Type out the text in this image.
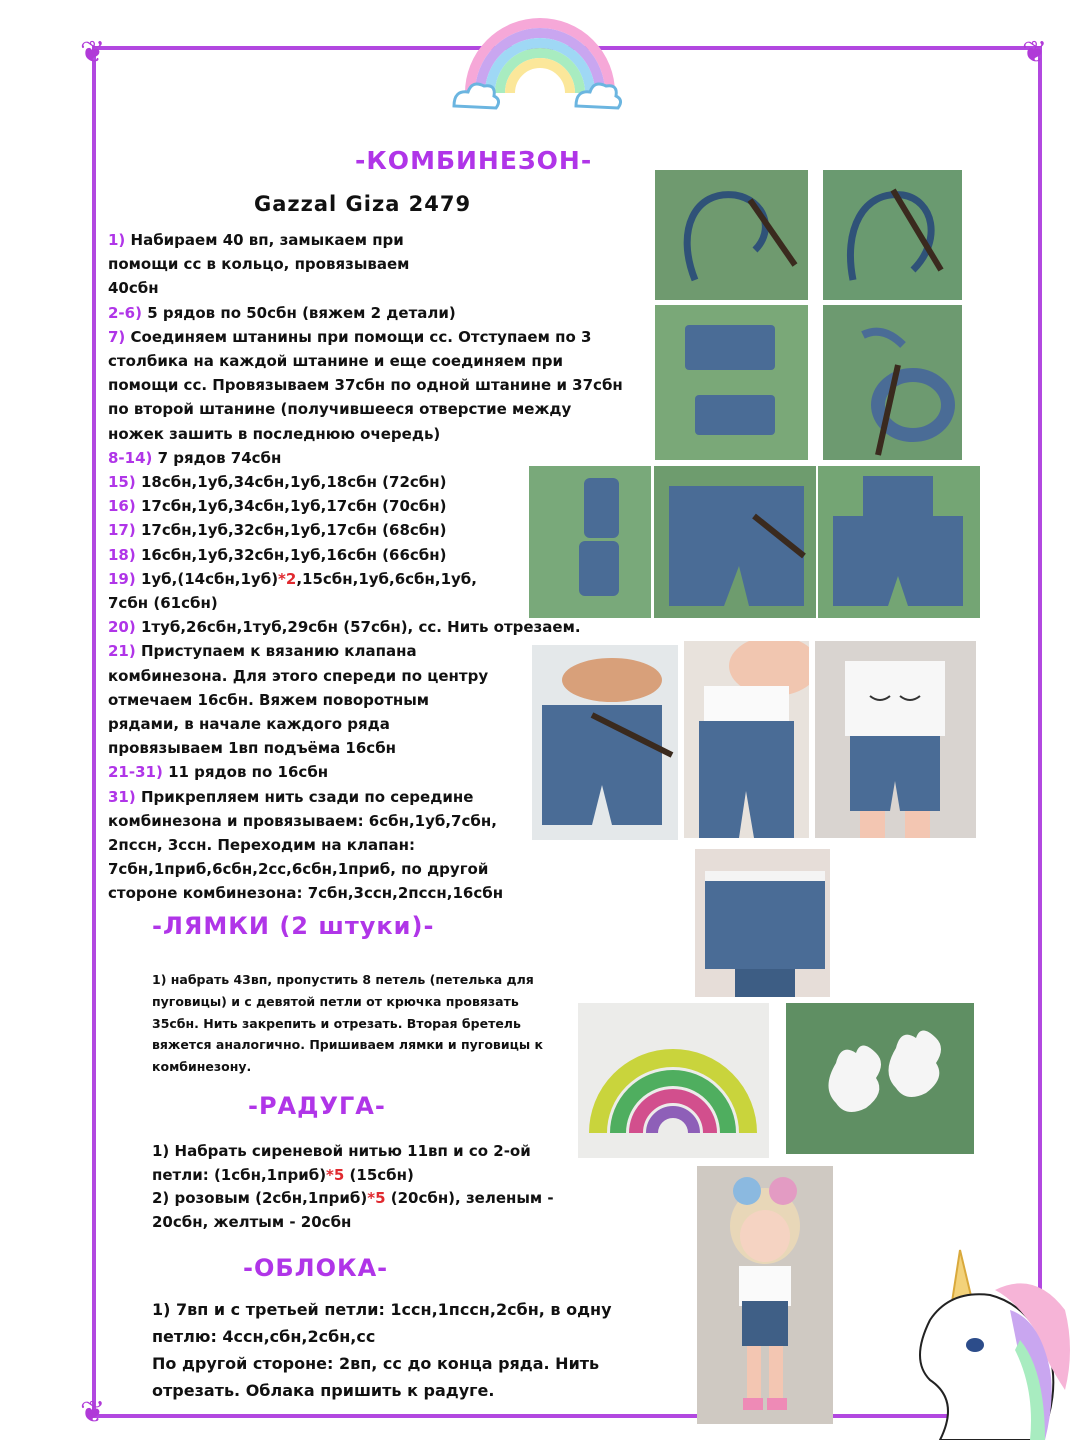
❦	❦
❦
-КОМБИНЕЗОН-
Gazzal Giza 2479

1) Набираем 40 вп, замыкаем при помощи сс в кольцо, провязываем 40сбн

2-6) 5 рядов по 50сбн (вяжем 2 детали)

7) Соединяем штанины при помощи сс. Отступаем по 3 столбика на каждой штанине и еще соединяем при помощи сс. Провязываем 37сбн по одной штанине и 37сбн по второй штанине (получившееся отверстие между ножек зашить в последнюю очередь)

8-14) 7 рядов 74сбн

15) 18сбн,1уб,34сбн,1уб,18сбн (72сбн)

16) 17сбн,1уб,34сбн,1уб,17сбн (70сбн)

17) 17сбн,1уб,32сбн,1уб,17сбн (68сбн)

18) 16сбн,1уб,32сбн,1уб,16сбн (66сбн)

19) 1уб,(14сбн,1уб)*2,15сбн,1уб,6сбн,1уб, 7сбн (61сбн)

20) 1туб,26сбн,1туб,29сбн (57сбн), сс. Нить отрезаем.

21) Приступаем к вязанию клапана комбинезона. Для этого спереди по центру отмечаем 16сбн. Вяжем поворотным рядами, в начале каждого ряда провязываем 1вп подъёма 16сбн

21-31) 11 рядов по 16сбн

31) Прикрепляем нить сзади по середине комбинезона и провязываем: 6сбн,1уб,7сбн, 2пссн, 3ссн. Переходим на клапан: 7сбн,1приб,6сбн,2сс,6сбн,1приб, по другой стороне комбинезона: 7сбн,3ссн,2пссн,16сбн

-ЛЯМКИ (2 штуки)-
1) набрать 43вп, пропустить 8 петель (петелька для пуговицы) и с девятой петли от крючка провязать 35сбн. Нить закрепить и отрезать. Вторая бретель вяжется аналогично. Пришиваем лямки и пуговицы к комбинезону.
-РАДУГА-
1) Набрать сиреневой нитью 11вп и со 2-ой петли: (1сбн,1приб)*5 (15сбн)
2) розовым (2сбн,1приб)*5 (20сбн), зеленым - 20сбн, желтым - 20сбн
-ОБЛОКА-
1) 7вп и с третьей петли: 1ссн,1пссн,2сбн, в одну петлю: 4ссн,сбн,2сбн,сс
По другой стороне: 2вп, сс до конца ряда. Нить отрезать. Облака пришить к радуге.
